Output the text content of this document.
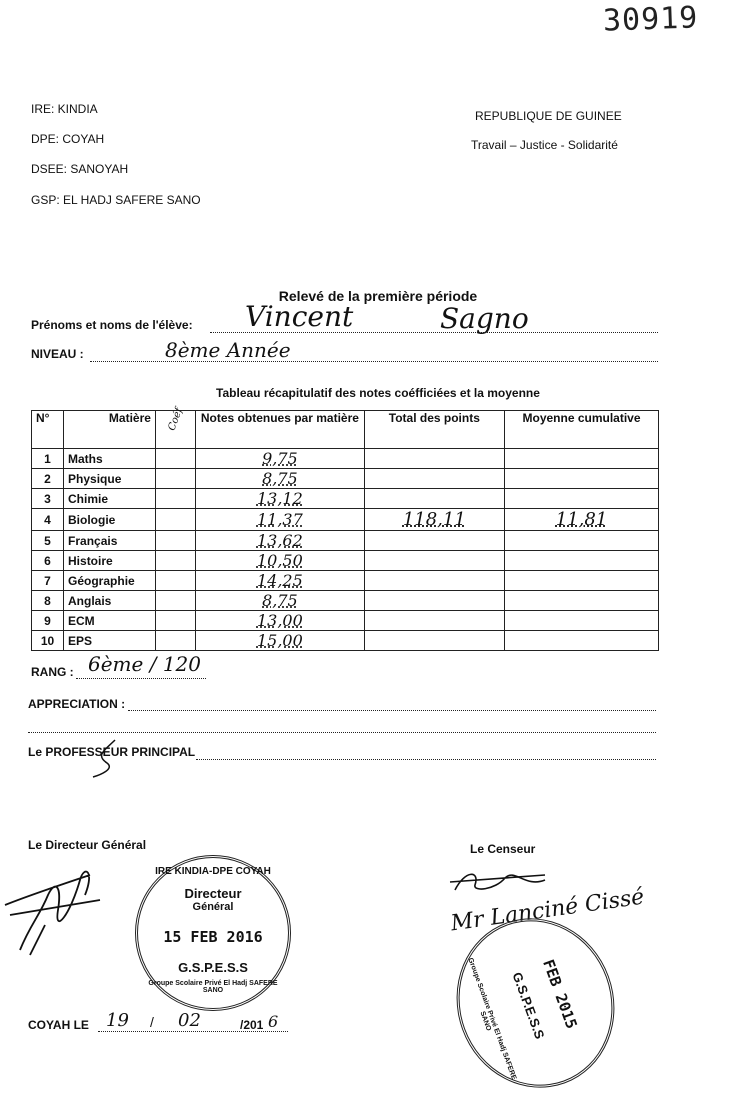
30919
IRE: KINDIA
DPE: COYAH
DSEE: SANOYAH
GSP: EL HADJ SAFERE SANO
REPUBLIQUE DE GUINEE
Travail – Justice - Solidarité
Relevé de la première période
Prénoms et noms de l'élève: Vincent	Sagno
NIVEAU :	8ème Année
Tableau récapitulatif des notes coéfficiées et la moyenne
N°	Matière	Coéf	Notes obtenues par matière	Total des points	Moyenne cumulative
1	Maths		9,75		
2	Physique		8,75		
3	Chimie		13,12		
4	Biologie		11,37	118,11	11,81
5	Français		13,62		
6	Histoire		10,50		
7	Géographie		14,25		
8	Anglais		8,75		
9	ECM		13,00		
10	EPS		15,00		
RANG : 6ème / 120
APPRECIATION :
Le PROFESSEUR PRINCIPAL
Le Directeur Général
IRE KINDIA-DPE COYAH
Directeur
Général
15 FEB 2016
G.S.P.E.S.S
Groupe Scolaire Privé El Hadj SAFERE SANO
Le Censeur
Mr Lanciné Cissé
FEB 2015
G.S.P.E.S.S
Groupe Scolaire Privé El Hadj SAFERE SANO
COYAH LE 19 / 02	/201 6
